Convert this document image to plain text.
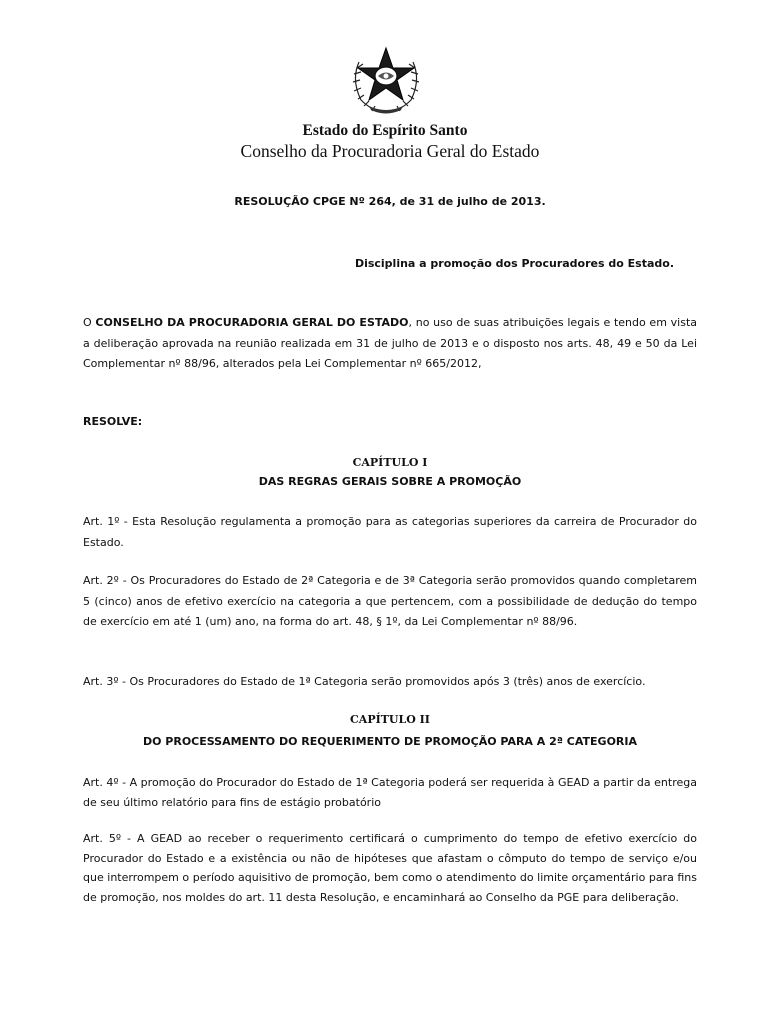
Estado do Espírito Santo
Conselho da Procuradoria Geral do Estado
RESOLUÇÃO CPGE Nº 264, de 31 de julho de 2013.
Disciplina a promoção dos Procuradores do Estado.
O CONSELHO DA PROCURADORIA GERAL DO ESTADO, no uso de suas atribuições legais e tendo em vista a deliberação aprovada na reunião realizada em 31 de julho de 2013 e o disposto nos arts. 48, 49 e 50 da Lei Complementar nº 88/96, alterados pela Lei Complementar nº 665/2012,
RESOLVE:
CAPÍTULO I
DAS REGRAS GERAIS SOBRE A PROMOÇÃO
Art. 1º - Esta Resolução regulamenta a promoção para as categorias superiores da carreira de Procurador do Estado.
Art. 2º - Os Procuradores do Estado de 2ª Categoria e de 3ª Categoria serão promovidos quando completarem 5 (cinco) anos de efetivo exercício na categoria a que pertencem, com a possibilidade de dedução do tempo de exercício em até 1 (um) ano, na forma do art. 48, § 1º, da Lei Complementar nº 88/96.
Art. 3º - Os Procuradores do Estado de 1ª Categoria serão promovidos após 3 (três) anos de exercício.
CAPÍTULO II
DO PROCESSAMENTO DO REQUERIMENTO DE PROMOÇÃO PARA A 2ª CATEGORIA
Art. 4º - A promoção do Procurador do Estado de 1ª Categoria poderá ser requerida à GEAD a partir da entrega de seu último relatório para fins de estágio probatório
Art. 5º - A GEAD ao receber o requerimento certificará o cumprimento do tempo de efetivo exercício do Procurador do Estado e a existência ou não de hipóteses que afastam o cômputo do tempo de serviço e/ou que interrompem o período aquisitivo de promoção, bem como o atendimento do limite orçamentário para fins de promoção, nos moldes do art. 11 desta Resolução, e encaminhará ao Conselho da PGE para deliberação.
